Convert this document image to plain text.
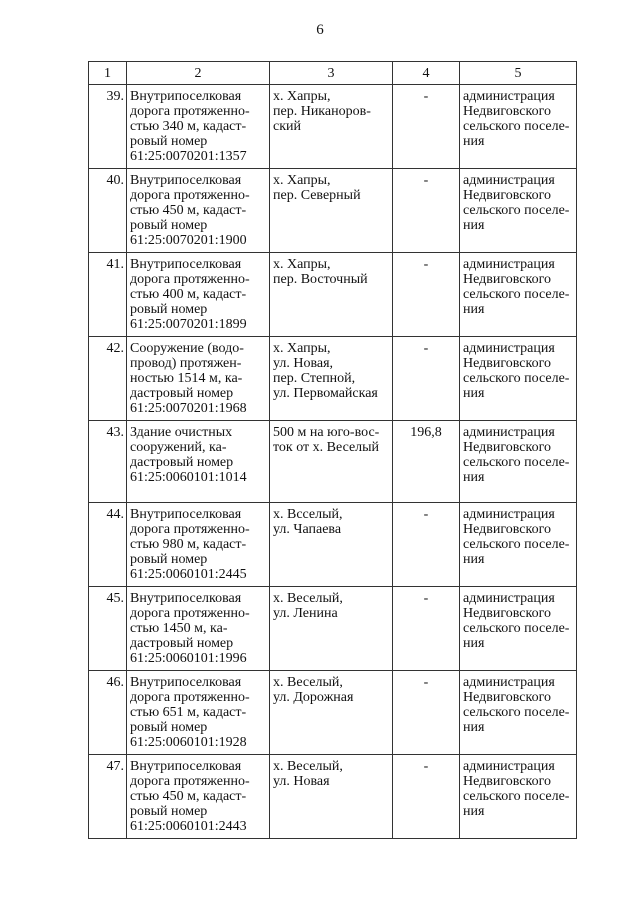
6
1	2	3	4	5
39.	Внутрипоселковая
дорога протяженно-
стью 340 м, кадаст-
ровый номер
61:25:0070201:1357	х. Хапры,
пер. Никаноров-
ский	-	администрация
Недвиговского
сельского поселе-
ния
40.	Внутрипоселковая
дорога протяженно-
стью 450 м, кадаст-
ровый номер
61:25:0070201:1900	х. Хапры,
пер. Северный	-	администрация
Недвиговского
сельского поселе-
ния
41.	Внутрипоселковая
дорога протяженно-
стью 400 м, кадаст-
ровый номер
61:25:0070201:1899	х. Хапры,
пер. Восточный	-	администрация
Недвиговского
сельского поселе-
ния
42.	Сооружение (водо-
провод) протяжен-
ностью 1514 м, ка-
дастровый номер
61:25:0070201:1968	х. Хапры,
ул. Новая,
пер. Степной,
ул. Первомайская	-	администрация
Недвиговского
сельского поселе-
ния
43.	Здание очистных
сооружений, ка-
дастровый номер
61:25:0060101:1014	500 м на юго-вос-
ток от х. Веселый	196,8	администрация
Недвиговского
сельского поселе-
ния
44.	Внутрипоселковая
дорога протяженно-
стью 980 м, кадаст-
ровый номер
61:25:0060101:2445	х. Всселый,
ул. Чапаева	-	администрация
Недвиговского
сельского поселе-
ния
45.	Внутрипоселковая
дорога протяженно-
стью 1450 м, ка-
дастровый номер
61:25:0060101:1996	х. Веселый,
ул. Ленина	-	администрация
Недвиговского
сельского поселе-
ния
46.	Внутрипоселковая
дорога протяженно-
стью 651 м, кадаст-
ровый номер
61:25:0060101:1928	х. Веселый,
ул. Дорожная	-	администрация
Недвиговского
сельского поселе-
ния
47.	Внутрипоселковая
дорога протяженно-
стью 450 м, кадаст-
ровый номер
61:25:0060101:2443	х. Веселый,
ул. Новая	-	администрация
Недвиговского
сельского поселе-
ния
